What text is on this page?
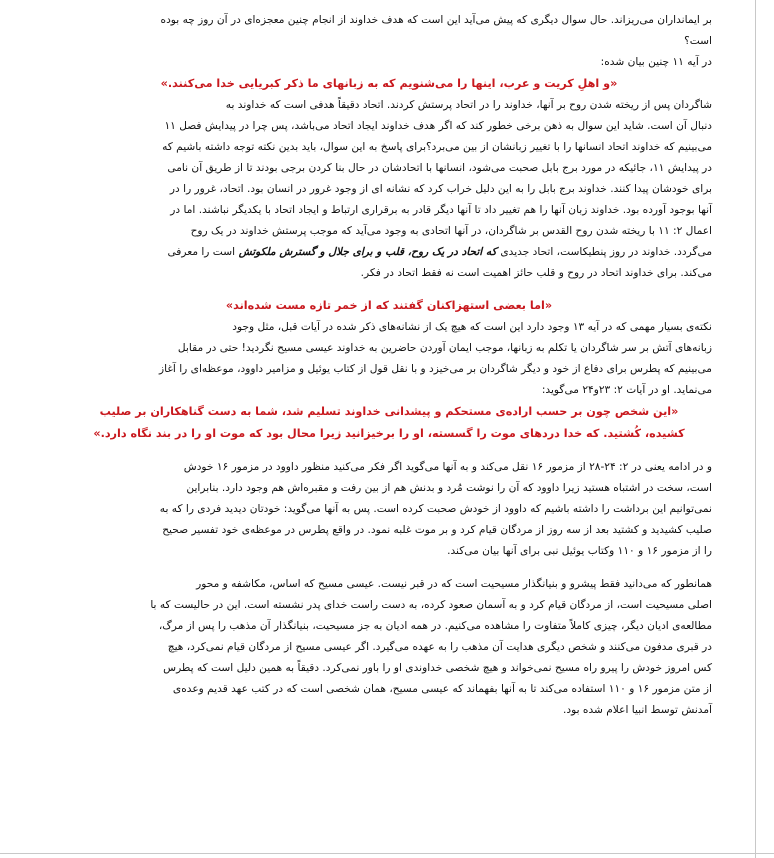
بر ایمانداران می‌ریزاند. حال سوال دیگری که پیش می‌آید این است که هدف خداوند از انجام چنین معجزه‌ای در آن روز چه بوده

است؟

در آیه ۱۱ چنین بیان شده:

«و اهلِ کریت و عرب، اینها را می‌شنویم که به زبانهای ما ذکر کبریایی خدا می‌کنند.»

شاگردان پس از ریخته شدن روح بر آنها، خداوند را در اتحاد پرستش کردند. اتحاد دقیقاً هدفی است که خداوند به

دنبال آن است. شاید این سوال به ذهن برخی خطور کند که اگر هدف خداوند ایجاد اتحاد می‌باشد، پس چرا در پیدایش فصل ۱۱

می‌بینیم که خداوند اتحاد انسانها را با تغییر زبانشان از بین می‌برد؟برای پاسخ به این سوال، باید بدین نکته توجه داشته باشیم که

در پیدایش ۱۱، جائیکه در مورد برج بابل صحبت می‌شود، انسانها با اتحادشان در حال بنا کردن برجی بودند تا از طریق آن نامی

برای خودشان پیدا کنند. خداوند برج بابل را به این دلیل خراب کرد که نشانه ای از وجود غرور در انسان بود. اتحاد، غرور را در

آنها بوجود آورده بود. خداوند زبان آنها را هم تغییر داد تا آنها دیگر قادر به برقراری ارتباط و ایجاد اتحاد با یکدیگر نباشند. اما در

اعمال ۲: ۱۱ با ریخته شدن روح القدس بر شاگردان، در آنها اتحادی به وجود می‌آید که موجب پرستش خداوند در یک روح

می‌گردد. خداوند در روز پنطیکاست، اتحاد جدیدی که اتحاد در یک روح، قلب و برای جلال و گسترش ملکوتش است را معرفی

می‌کند. برای خداوند اتحاد در روح و قلب حائز اهمیت است نه فقط اتحاد در فکر.

«اما بعضی استهزاکنان گفتند که از خمر تازه مست شده‌اند»

نکته‌ی بسیار مهمی که در آیه ۱۳ وجود دارد این است که هیچ یک از نشانه‌های ذکر شده در آیات قبل، مثل وجود

زبانه‌های آتش بر سر شاگردان یا تکلم به زبانها، موجب ایمان آوردن حاضرین به خداوند عیسی مسیح نگردید! حتی در مقابل

می‌بینیم که پطرس برای دفاع از خود و دیگر شاگردان بر می‌خیزد و با نقل قول از کتاب یوئیل و مزامیر داوود، موعظه‌ای را آغاز

می‌نماید. او در آیات ۲: ۲۳و۲۴ می‌گوید:

«این شخص چون بر حسب اراده‌ی مستحکم و پیشدانی خداوند تسلیم شد، شما به دست گناهکاران بر صلیب

کشیده، کُشتید. که خدا دردهای موت را گسسته، او را برخیزانید زیرا محال بود که موت او را در بند نگاه دارد.»

و در ادامه یعنی در ۲: ۲۴-۲۸ از مزمور ۱۶ نقل می‌کند و به آنها می‌گوید اگر فکر می‌کنید منظور داوود در مزمور ۱۶ خودش

است، سخت در اشتباه هستید زیرا داوود که آن را نوشت مُرد و بدنش هم از بین رفت و مقبره‌اش هم وجود دارد. بنابراین

نمی‌توانیم این برداشت را داشته باشیم که داوود از خودش صحبت کرده است. پس به آنها می‌گوید: خودتان دیدید فردی را که به

صلیب کشیدید و کشتید بعد از سه روز از مردگان قیام کرد و بر موت غلبه نمود. در واقع پطرس در موعظه‌ی خود تفسیر صحیح

را از مزمور ۱۶ و ۱۱۰ وکتاب یوئیل نبی برای آنها بیان می‌کند.

همانطور که می‌دانید فقط پیشرو و بنیانگذار مسیحیت است که در قبر نیست. عیسی مسیح که اساس، مکاشفه و محور

اصلی مسیحیت است، از مردگان قیام کرد و به آسمان صعود کرده، به دست راست خدای پدر نشسته است. این در حالیست که با

مطالعه‌ی ادیان دیگر، چیزی کاملاً متفاوت را مشاهده می‌کنیم. در همه ادیان به جز مسیحیت، بنیانگذار آن مذهب را پس از مرگ،

در قبری مدفون می‌کنند و شخص دیگری هدایت آن مذهب را به عهده می‌گیرد. اگر عیسی مسیح از مردگان قیام نمی‌کرد، هیچ

کس امروز خودش را پیرو راه مسیح نمی‌خواند و هیچ شخصی خداوندی او را باور نمی‌کرد. دقیقاً به همین دلیل است که پطرس

از متن مزمور ۱۶ و ۱۱۰ استفاده می‌کند تا به آنها بفهماند که عیسی مسیح، همان شخصی است که در کتب عهد قدیم وعده‌ی

آمدنش توسط انبیا اعلام شده بود.
